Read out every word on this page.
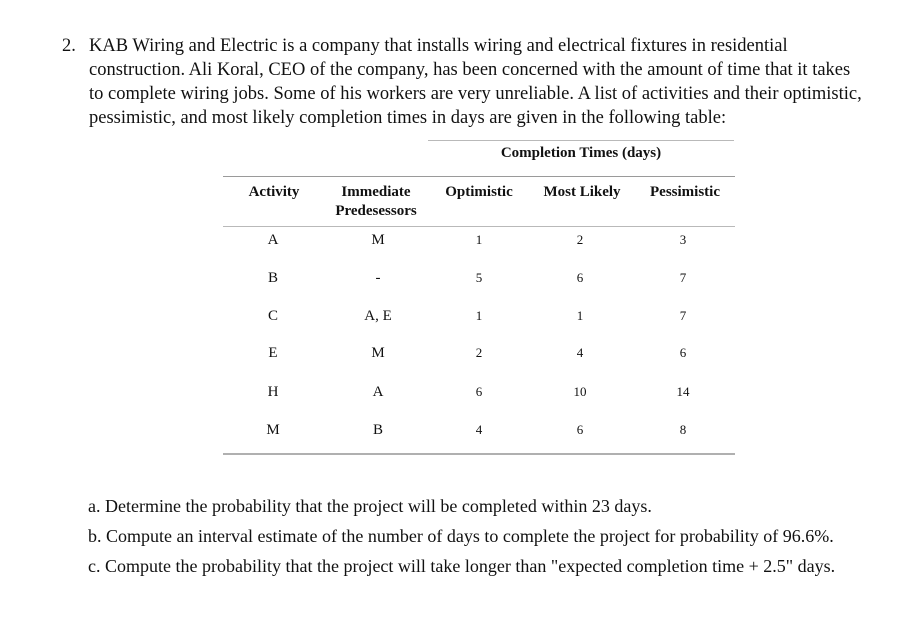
2. KAB Wiring and Electric is a company that installs wiring and electrical fixtures in residential construction. Ali Koral, CEO of the company, has been concerned with the amount of time that it takes to complete wiring jobs. Some of his workers are very unreliable. A list of activities and their optimistic, pessimistic, and most likely completion times in days are given in the following table:
Completion Times (days)
Activity	Immediate
Predesessors
Optimistic	Most Likely	Pessimistic
A	M	1	2	3
B	-	5	6	7
C	A, E	1	1	7
E	M	2	4	6
H	A	6	10	14
M	B	4	6	8

a. Determine the probability that the project will be completed within 23 days.

b. Compute an interval estimate of the number of days to complete the project for probability of 96.6%.

c. Compute the probability that the project will take longer than "expected completion time + 2.5" days.
